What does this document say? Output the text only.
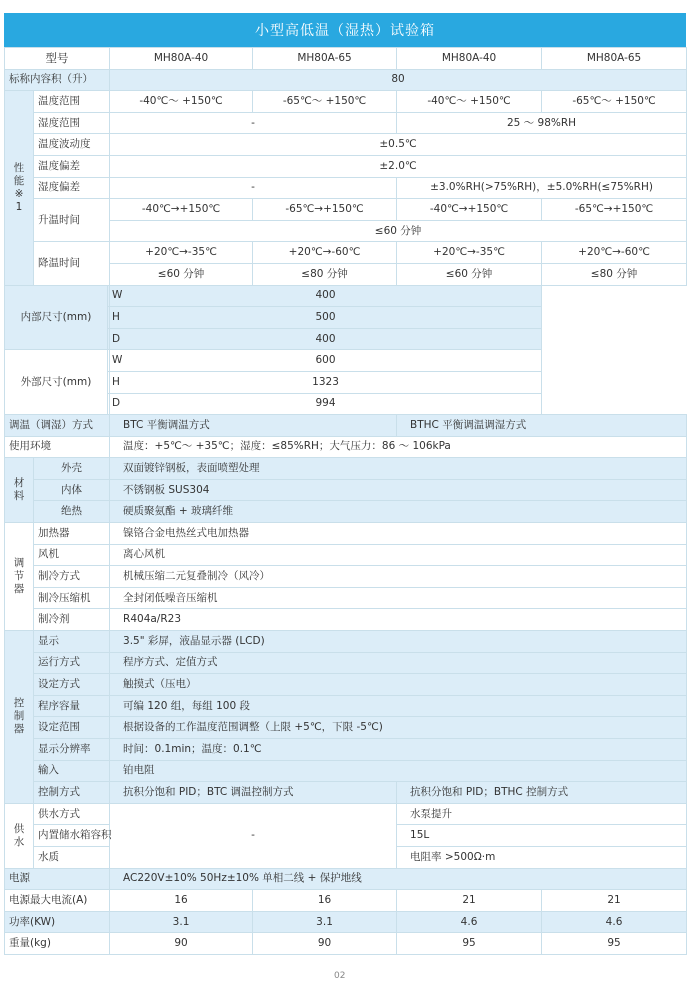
小型高低温（湿热）试验箱
型号			MH80A-40	MH80A-65	MH80A-40	MH80A-65
标称内容积（升）			80			
性能※1	温度范围		-40℃～ +150℃	-65℃～ +150℃	-40℃～ +150℃	-65℃～ +150℃
	湿度范围		-		25 ～ 98%RH	
	温度波动度		±0.5℃			
	温度偏差		±2.0℃			
	湿度偏差		-		±3.0%RH(>75%RH)，±5.0%RH(≤75%RH)	
	升温时间		-40℃→+150℃	-65℃→+150℃	-40℃→+150℃	-65℃→+150℃
			≤60 分钟			
	降温时间		+20℃→-35℃	+20℃→-60℃	+20℃→-35℃	+20℃→-60℃
			≤60 分钟	≤80 分钟	≤60 分钟	≤80 分钟
内部尺寸(mm)		W	400			
		H	500			
		D	400			
外部尺寸(mm)		W	600			
		H	1323			
		D	994			
调温（调湿）方式			BTC 平衡调温方式		BTHC 平衡调温调湿方式	
使用环境			温度：+5℃～ +35℃；湿度：≤85%RH；大气压力：86 ～ 106kPa			
材料	外壳		双面镀锌钢板，表面喷塑处理			
	内体		不锈钢板 SUS304			
	绝热		硬质聚氨酯 + 玻璃纤维			
调节器	加热器		镍铬合金电热丝式电加热器			
	风机		离心风机			
	制冷方式		机械压缩二元复叠制冷（风冷）			
	制冷压缩机		全封闭低噪音压缩机			
	制冷剂		R404a/R23			
控制器	显示		3.5" 彩屏，液晶显示器 (LCD)			
	运行方式		程序方式、定值方式			
	设定方式		触摸式（压电）			
	程序容量		可编 120 组，每组 100 段			
	设定范围		根据设备的工作温度范围调整（上限 +5℃，下限 -5℃)			
	显示分辨率		时间：0.1min；温度：0.1℃			
	输入		铂电阻			
	控制方式		抗积分饱和 PID；BTC 调温控制方式		抗积分饱和 PID；BTHC 控制方式	
供水	供水方式		-		水泵提升	
	内置储水箱容积				15L	
	水质				电阻率 >500Ω·m	
电源			AC220V±10% 50Hz±10% 单相二线 + 保护地线			
电源最大电流(A)			16	16	21	21
功率(KW)			3.1	3.1	4.6	4.6
重量(kg)			90	90	95	95
02
